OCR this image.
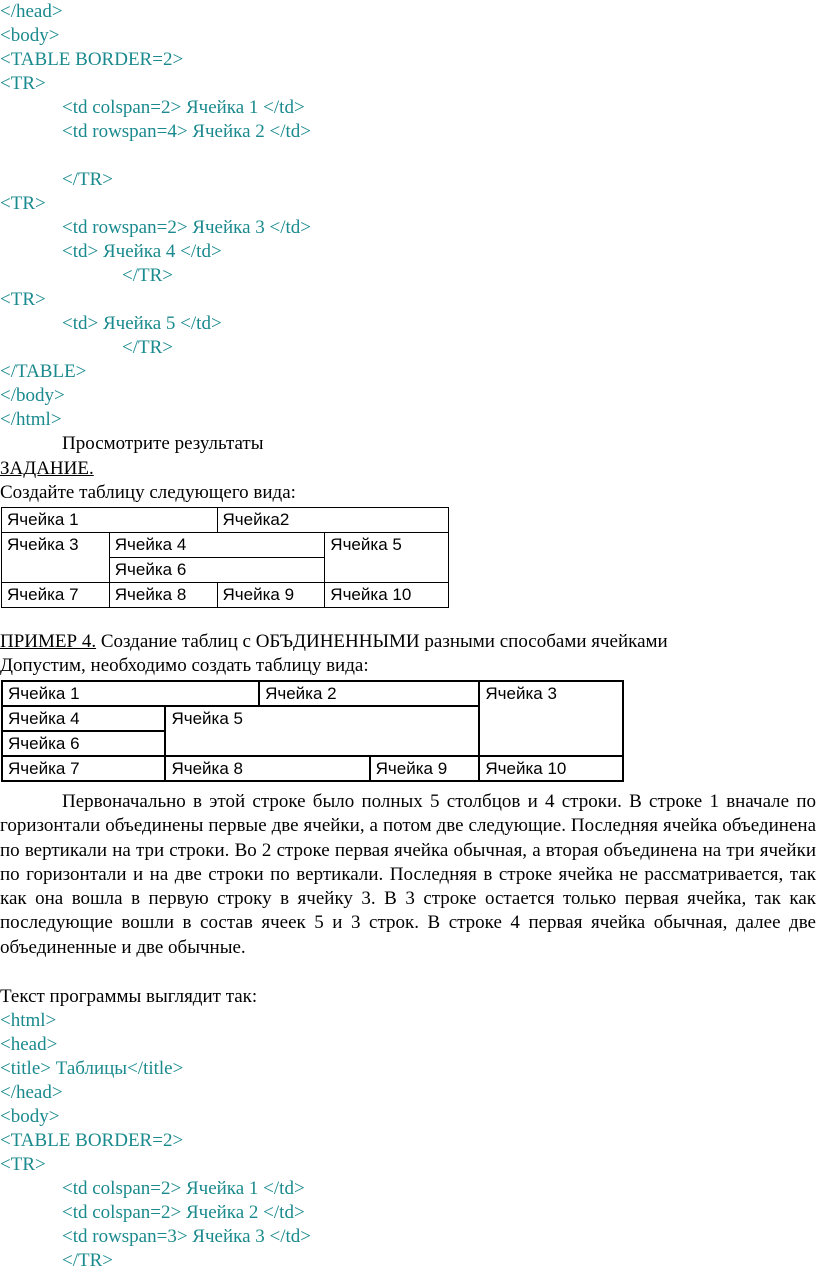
</head>
<body>
<TABLE BORDER=2>
<TR>
<td colspan=2> Ячейка 1 </td>
<td rowspan=4> Ячейка 2 </td>
</TR>
<TR>
<td rowspan=2> Ячейка 3 </td>
<td> Ячейка 4 </td>
</TR>
<TR>
<td> Ячейка 5 </td>
</TR>
</TABLE>
</body>
</html>
Просмотрите результаты
ЗАДАНИЕ.
Создайте таблицу следующего вида:
Ячейка 1		Ячейка2	
Ячейка 3	Ячейка 4		Ячейка 5
	Ячейка 6		
Ячейка 7	Ячейка 8	Ячейка 9	Ячейка 10
ПРИМЕР 4. Создание таблиц с ОБЪДИНЕННЫМИ разными способами ячейками
Допустим, необходимо создать таблицу вида:
Ячейка 1		Ячейка 2		Ячейка 3
Ячейка 4	Ячейка 5			
Ячейка 6				
Ячейка 7	Ячейка 8		Ячейка 9	Ячейка 10
Первоначально в этой строке было полных 5 столбцов и 4 строки. В строке 1 вначале по горизонтали объединены первые две ячейки, а потом две следующие. Последняя ячейка объединена по вертикали на три строки. Во 2 строке первая ячейка обычная, а вторая объединена на три ячейки по горизонтали и на две строки по вертикали. Последняя в строке ячейка не рассматривается, так как она вошла в первую строку в ячейку 3. В 3 строке остается только первая ячейка, так как последующие вошли в состав ячеек 5 и 3 строк. В строке 4 первая ячейка обычная, далее две объединенные и две обычные.
Текст программы выглядит так:
<html>
<head>
<title> Таблицы</title>
</head>
<body>
<TABLE BORDER=2>
<TR>
<td colspan=2> Ячейка 1 </td>
<td colspan=2> Ячейка 2 </td>
<td rowspan=3> Ячейка 3 </td>
</TR>
